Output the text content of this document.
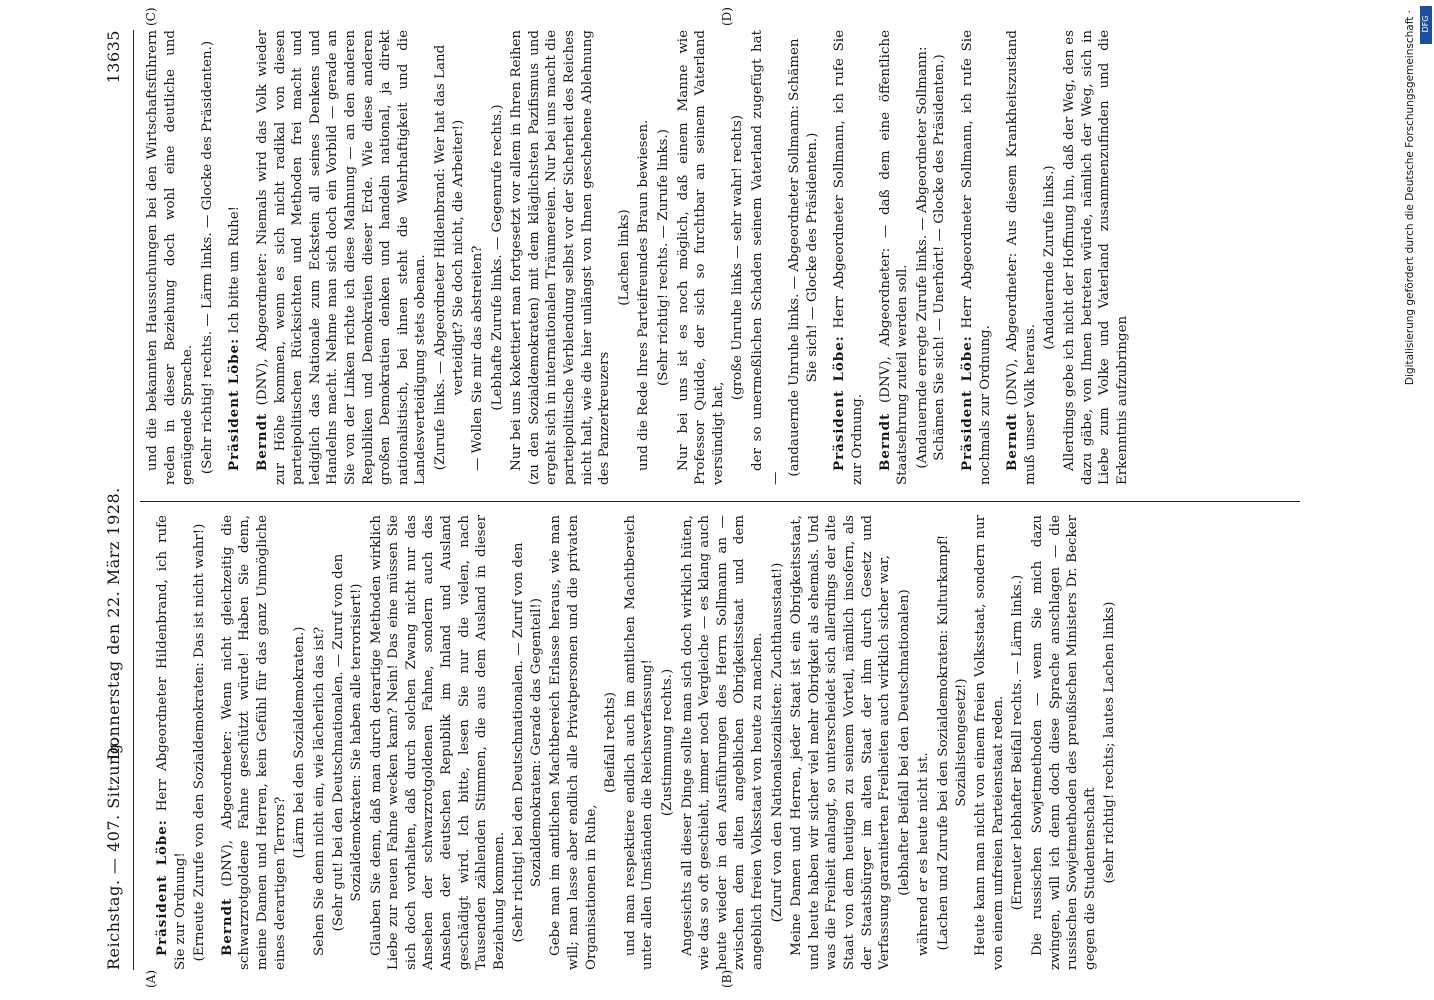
Reichstag. — 407. Sitzung.
Donnerstag den 22. März 1928.
13635
(A)	(B)
(C)	(D)
Präsident Löbe: Herr Abgeordneter Hildenbrand, ich rufe Sie zur Ordnung! (Erneute Zurufe von den Sozialdemokraten: Das ist nicht wahr!) Berndt (DNV), Abgeordneter: Wenn nicht gleichzeitig die schwarzrotgoldene Fahne geschützt würde! Haben Sie denn, meine Damen und Herren, kein Gefühl für das ganz Unmögliche eines derartigen Terrors?
(Lärm bei den Sozialdemokraten.) Sehen Sie denn nicht ein, wie lächerlich das ist? (Sehr gut! bei den Deutschnationalen. — Zuruf von den Sozialdemokraten: Sie haben alle terrorisiert!) Glauben Sie denn, daß man durch derartige Methoden wirklich Liebe zur neuen Fahne wecken kann? Nein! Das eine müssen Sie sich doch vorhalten, daß durch solchen Zwang nicht nur das Ansehen der schwarzrotgoldenen Fahne, sondern auch das Ansehen der deutschen Republik im Inland und Ausland geschädigt wird. Ich bitte, lesen Sie nur die vielen, nach Tausenden zählenden Stimmen, die aus dem Ausland in dieser Beziehung kommen. (Sehr richtig! bei den Deutschnationalen. — Zuruf von den Sozialdemokraten: Gerade das Gegenteil!) Gebe man im amtlichen Machtbereich Erlasse heraus, wie man will; man lasse aber endlich alle Privatpersonen und die privaten Organisationen in Ruhe,
(Beifall rechts) und man respektiere endlich auch im amtlichen Machtbereich unter allen Umständen die Reichsverfassung! (Zustimmung rechts.) Angesichts all dieser Dinge sollte man sich doch wirklich hüten, wie das so oft geschieht, immer noch Vergleiche — es klang auch heute wieder in den Ausführungen des Herrn Sollmann an — zwischen dem alten angeblichen Obrigkeitsstaat und dem angeblich freien Volksstaat von heute zu machen. (Zuruf von den Nationalsozialisten: Zuchthausstaat!) Meine Damen und Herren, jeder Staat ist ein Obrigkeitsstaat, und heute haben wir sicher viel mehr Obrigkeit als ehemals. Und was die Freiheit anlangt, so unterscheidet sich allerdings der alte Staat von dem heutigen zu seinem Vorteil, nämlich insofern, als der Staatsbürger im alten Staat der ihm durch Gesetz und Verfassung garantierten Freiheiten auch wirklich sicher war, (lebhafter Beifall bei den Deutschnationalen) während er es heute nicht ist. (Lachen und Zurufe bei den Sozialdemokraten: Kulturkampf! Sozialistengesetz!) Heute kann man nicht von einem freien Volksstaat, sondern nur von einem unfreien Parteienstaat reden. (Erneuter lebhafter Beifall rechts. — Lärm links.) Die russischen Sowjetmethoden — wenn Sie mich dazu zwingen, will ich denn doch diese Sprache anschlagen — die russischen Sowjetmethoden des preußischen Ministers Dr. Becker gegen die Studentenschaft (sehr richtig! rechts; lautes Lachen links)
und die bekannten Haussuchungen bei den Wirtschaftsführern reden in dieser Beziehung doch wohl eine deutliche und genügende Sprache. (Sehr richtig! rechts. — Lärm links. — Glocke des Präsidenten.) Präsident Löbe: Ich bitte um Ruhe!
Berndt (DNV), Abgeordneter: Niemals wird das Volk wieder zur Höhe kommen, wenn es sich nicht radikal von diesen parteipolitischen Rücksichten und Methoden frei macht und lediglich das Nationale zum Eckstein all seines Denkens und Handelns macht. Nehme man sich doch ein Vorbild — gerade an Sie von der Linken richte ich diese Mahnung — an den anderen Republiken und Demokratien dieser Erde. Wie diese anderen großen Demokratien denken und handeln national, ja direkt nationalistisch, bei ihnen steht die Wehrhaftigkeit und die Landesverteidigung stets obenan. (Zurufe links. — Abgeordneter Hildenbrand: Wer hat das Land verteidigt? Sie doch nicht, die Arbeiter!) — Wollen Sie mir das abstreiten? (Lebhafte Zurufe links. — Gegenrufe rechts.) Nur bei uns kokettiert man fortgesetzt vor allem in Ihren Reihen (zu den Sozialdemokraten) mit dem kläglichsten Pazifismus und ergeht sich in internationalen Träumereien. Nur bei uns macht die parteipolitische Verblendung selbst vor der Sicherheit des Reiches nicht halt, wie die hier unlängst von Ihnen geschehene Ablehnung des Panzerkreuzers
(Lachen links) und die Rede Ihres Parteifreundes Braun bewiesen. (Sehr richtig! rechts. — Zurufe links.) Nur bei uns ist es noch möglich, daß einem Manne wie Professor Quidde, der sich so furchtbar an seinem Vaterland versündigt hat,
(große Unruhe links — sehr wahr! rechts) der so unermeßlichen Schaden seinem Vaterland zugefügt hat —
(andauernde Unruhe links. — Abgeordneter Sollmann: Schämen Sie sich! — Glocke des Präsidenten.)
Präsident Löbe: Herr Abgeordneter Sollmann, ich rufe Sie zur Ordnung. Berndt (DNV), Abgeordneter: — daß dem eine öffentliche Staatsehrung zuteil werden soll. (Andauernde erregte Zurufe links. — Abgeordneter Sollmann: Schämen Sie sich! — Unerhört! — Glocke des Präsidenten.) Präsident Löbe: Herr Abgeordneter Sollmann, ich rufe Sie nochmals zur Ordnung. Berndt (DNV), Abgeordneter: Aus diesem Krankheitszustand muß unser Volk heraus.
(Andauernde Zurufe links.) Allerdings gebe ich nicht der Hoffnung hin, daß der Weg, den es dazu gäbe, von Ihnen betreten würde, nämlich der Weg, sich in Liebe zum Volke und Vaterland zusammenzufinden und die Erkenntnis aufzubringen
Digitalisierung gefördert durch die Deutsche Forschungsgemeinschaft · DFG
